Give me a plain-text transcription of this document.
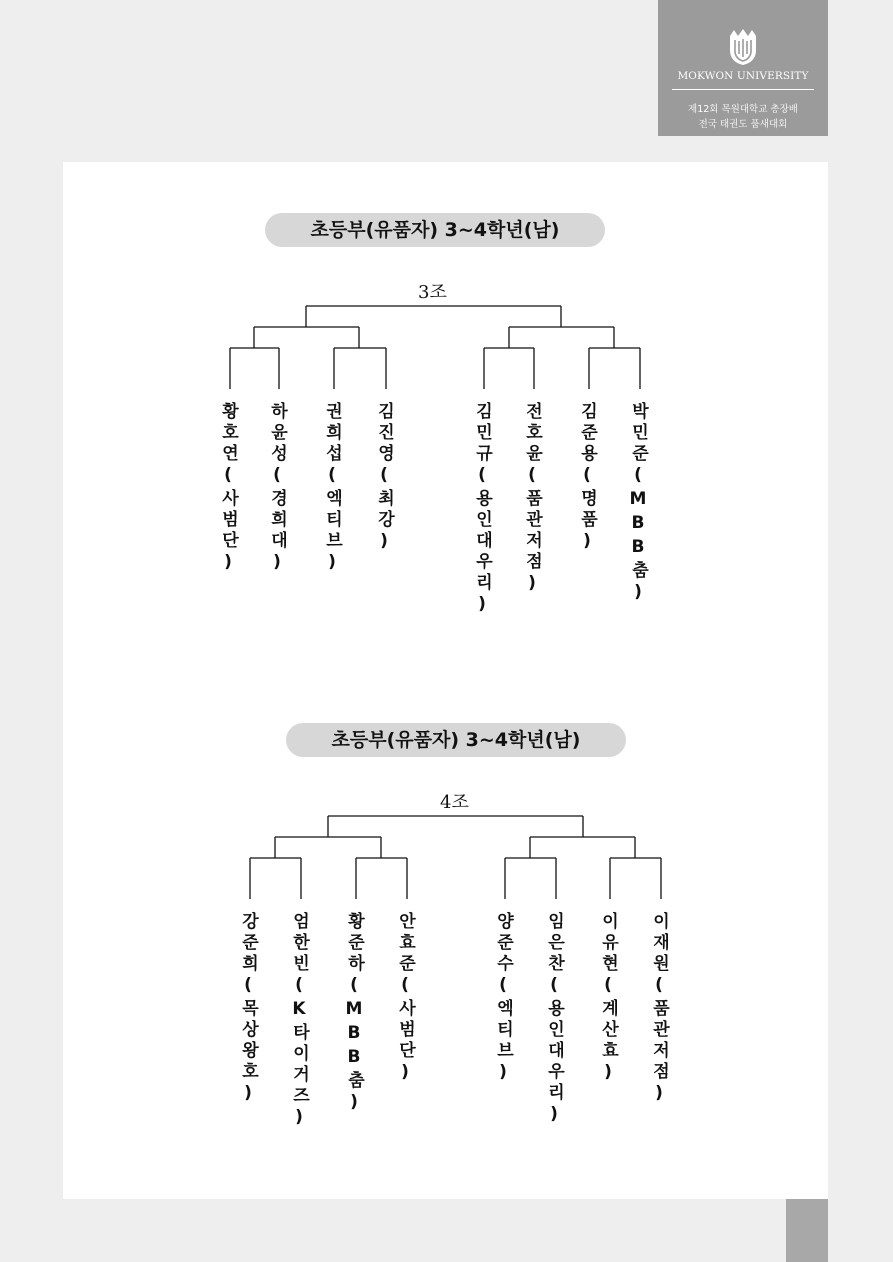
MOKWON UNIVERSITY
제12회 목원대학교 총장배
전국 태권도 품새대회
초등부(유품자) 3~4학년(남)
3조
황호연(사범단) 하윤성(경희대) 권희섭(엑티브) 김진영(최강)	김민규(용인대우리) 전호윤(품관저점) 김준용(명품) 박민준(MBB춤)
초등부(유품자) 3~4학년(남)
4조
강준희(목상왕호) 엄한빈(K타이거즈) 황준하(MBB춤) 안효준(사범단)	양준수(엑티브) 임은찬(용인대우리) 이유현(계산효) 이재원(품관저점)
